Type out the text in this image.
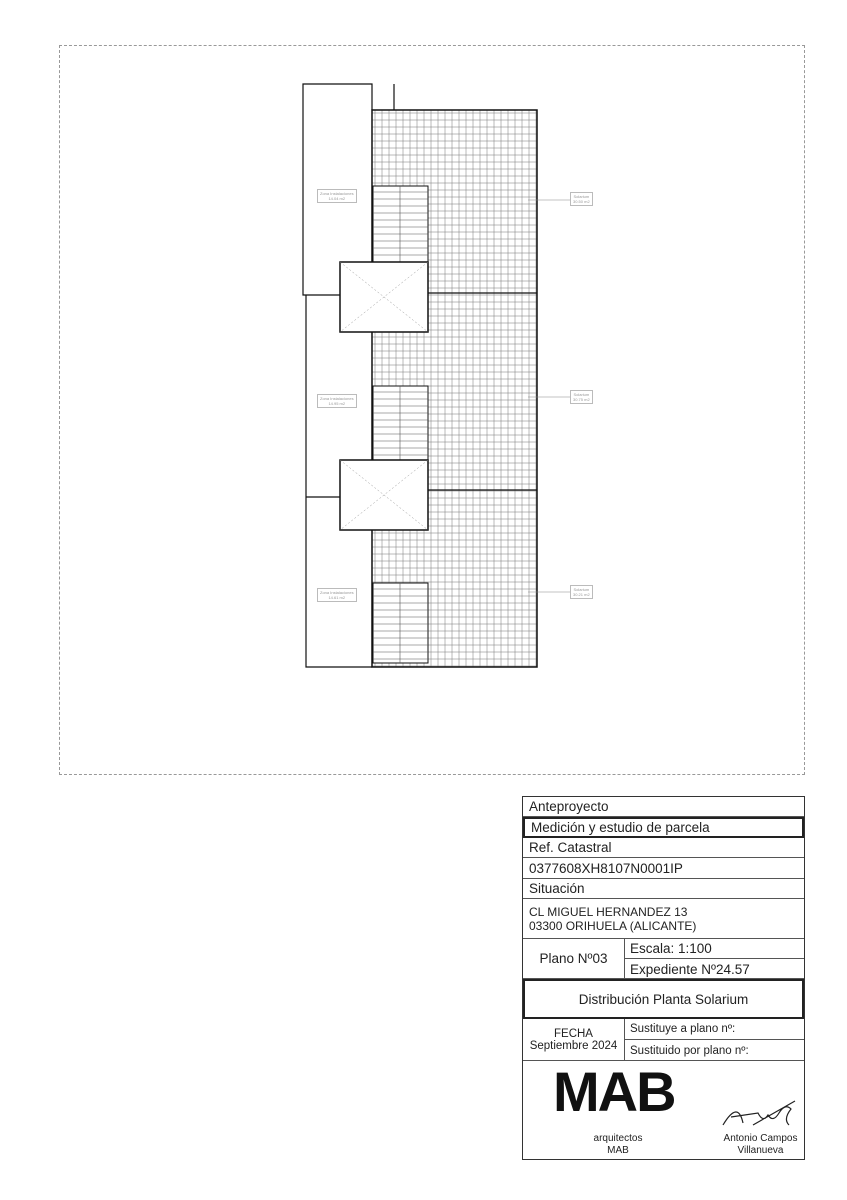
Zona Instalaciones
14.04 m2
Zona Instalaciones
14.95 m2
Zona Instalaciones
14.61 m2
Solarium
30.50 m2
Solarium
30.75 m2
Solarium
30.21 m2
Anteproyecto
Medición y estudio de parcela
Ref. Catastral
0377608XH8107N0001IP
Situación
CL MIGUEL HERNANDEZ 13
03300 ORIHUELA (ALICANTE)
Plano Nº03
Escala: 1:100
Expediente Nº24.57
Distribución Planta Solarium
FECHA
Septiembre 2024
Sustituye a plano nº:
Sustituido por plano nº:
MAB
arquitectos
MAB
Antonio Campos
Villanueva
